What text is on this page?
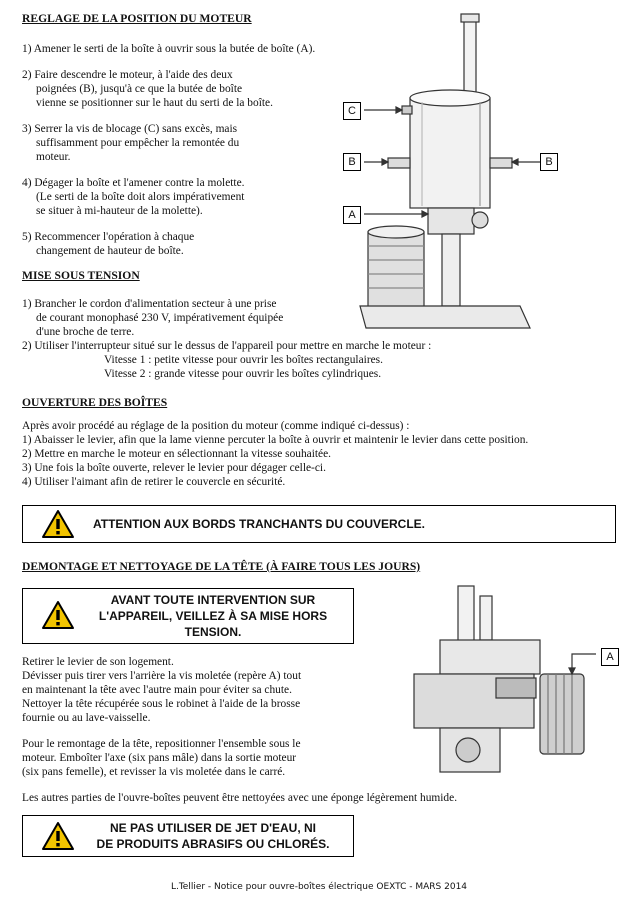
REGLAGE DE LA POSITION DU MOTEUR
1) Amener le serti de la boîte à ouvrir sous la butée de boîte (A).
2) Faire descendre le moteur, à l'aide des deux
poignées (B), jusqu'à ce que la butée de boîte
vienne se positionner sur le haut du serti de la boîte.
3) Serrer la vis de blocage (C) sans excès, mais
suffisamment pour empêcher la remontée du
moteur.
4) Dégager la boîte et l'amener contre la molette.
(Le serti de la boîte doit alors impérativement
se situer à mi-hauteur de la molette).
5) Recommencer l'opération à chaque
changement de hauteur de boîte.
C
B	B
A
MISE SOUS TENSION
1) Brancher le cordon d'alimentation secteur à une prise
de courant monophasé 230 V, impérativement équipée
d'une broche de terre.
2) Utiliser l'interrupteur situé sur le dessus de l'appareil pour mettre en marche le moteur :
Vitesse 1 : petite vitesse pour ouvrir les boîtes rectangulaires.
Vitesse 2 : grande vitesse pour ouvrir les boîtes cylindriques.
OUVERTURE DES BOÎTES
Après avoir procédé au réglage de la position du moteur (comme indiqué ci-dessus) :
1) Abaisser le levier, afin que la lame vienne percuter la boîte à ouvrir et maintenir le levier dans cette position.
2) Mettre en marche le moteur en sélectionnant la vitesse souhaitée.
3) Une fois la boîte ouverte, relever le levier pour dégager celle-ci.
4) Utiliser l'aimant afin de retirer le couvercle en sécurité.
ATTENTION AUX BORDS TRANCHANTS DU COUVERCLE.
DEMONTAGE ET NETTOYAGE DE LA TÊTE (À FAIRE TOUS LES JOURS)
AVANT TOUTE INTERVENTION SUR
L'APPAREIL, VEILLEZ À SA MISE HORS
TENSION.
Retirer le levier de son logement.
Dévisser puis tirer vers l'arrière la vis moletée (repère A) tout
en maintenant la tête avec l'autre main pour éviter sa chute.
Nettoyer la tête récupérée sous le robinet à l'aide de la brosse
fournie ou au lave-vaisselle.
Pour le remontage de la tête, repositionner l'ensemble sous le
moteur. Emboîter l'axe (six pans mâle) dans la sortie moteur
(six pans femelle), et revisser la vis moletée dans le carré.
Les autres parties de l'ouvre-boîtes peuvent être nettoyées avec une éponge légèrement humide.
A
NE PAS UTILISER DE JET D'EAU, NI
DE PRODUITS ABRASIFS OU CHLORÉS.
L.Tellier - Notice pour ouvre-boîtes électrique OEXTC - MARS 2014
